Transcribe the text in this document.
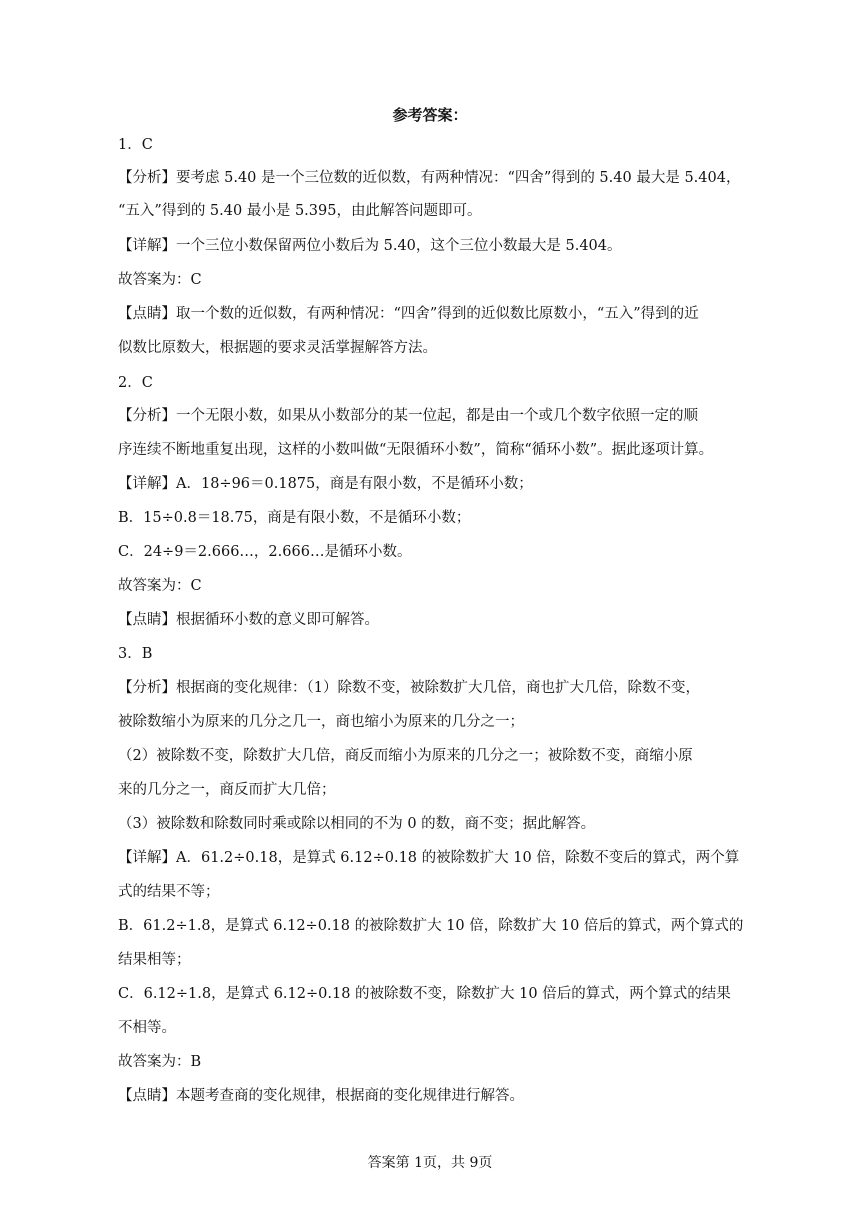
参考答案：
1．C
【分析】要考虑 5.40 是一个三位数的近似数，有两种情况：“四舍”得到的 5.40 最大是 5.404，
“五入”得到的 5.40 最小是 5.395，由此解答问题即可。
【详解】一个三位小数保留两位小数后为 5.40，这个三位小数最大是 5.404。
故答案为：C
【点睛】取一个数的近似数，有两种情况：“四舍”得到的近似数比原数小，“五入”得到的近
似数比原数大，根据题的要求灵活掌握解答方法。
2．C
【分析】一个无限小数，如果从小数部分的某一位起，都是由一个或几个数字依照一定的顺
序连续不断地重复出现，这样的小数叫做“无限循环小数”，简称“循环小数”。据此逐项计算。
【详解】A．18÷96＝0.1875，商是有限小数，不是循环小数；
B．15÷0.8＝18.75，商是有限小数，不是循环小数；
C．24÷9＝2.666…，2.666…是循环小数。
故答案为：C
【点睛】根据循环小数的意义即可解答。
3．B
【分析】根据商的变化规律：（1）除数不变，被除数扩大几倍，商也扩大几倍，除数不变，
被除数缩小为原来的几分之几一，商也缩小为原来的几分之一；
（2）被除数不变，除数扩大几倍，商反而缩小为原来的几分之一；被除数不变，商缩小原
来的几分之一，商反而扩大几倍；
（3）被除数和除数同时乘或除以相同的不为 0 的数，商不变；据此解答。
【详解】A．61.2÷0.18，是算式 6.12÷0.18 的被除数扩大 10 倍，除数不变后的算式，两个算
式的结果不等；
B．61.2÷1.8，是算式 6.12÷0.18 的被除数扩大 10 倍，除数扩大 10 倍后的算式，两个算式的
结果相等；
C．6.12÷1.8，是算式 6.12÷0.18 的被除数不变，除数扩大 10 倍后的算式，两个算式的结果
不相等。
故答案为：B
【点睛】本题考查商的变化规律，根据商的变化规律进行解答。
答案第 1页，共 9页
